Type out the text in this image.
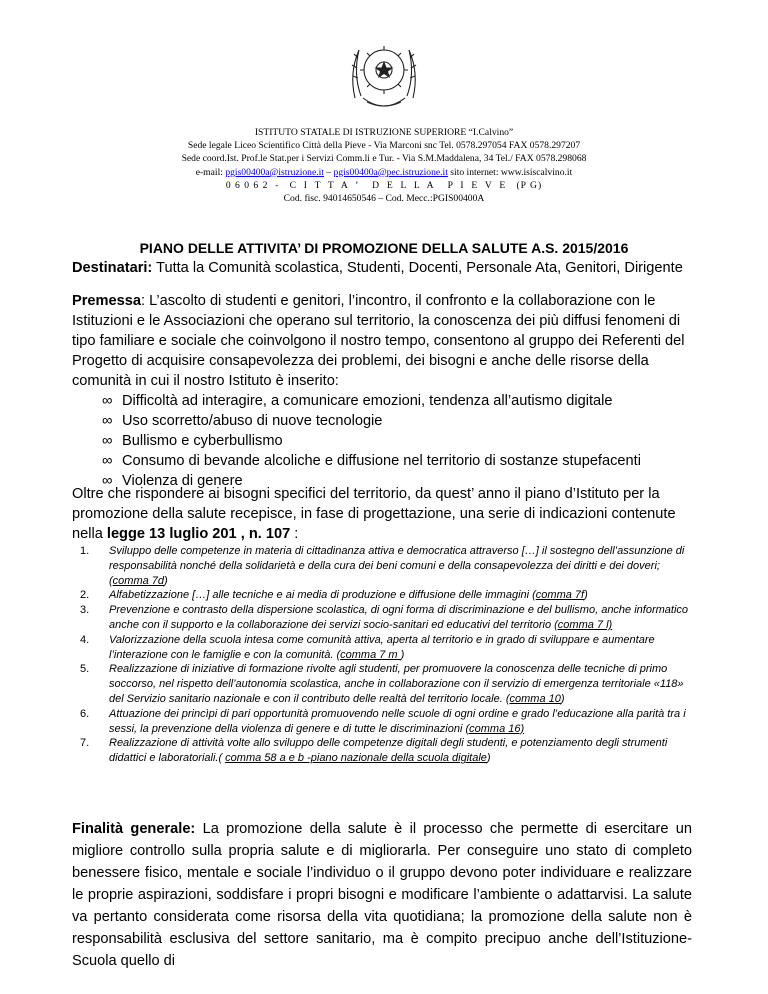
ISTITUTO STATALE DI ISTRUZIONE SUPERIORE “I.Calvino”
Sede legale Liceo Scientifico Città della Pieve - Via Marconi snc Tel. 0578.297054 FAX 0578.297207
Sede coord.Ist. Prof.le Stat.per i Servizi Comm.li e Tur. - Via S.M.Maddalena, 34 Tel./ FAX 0578.298068
e-mail: pgis00400a@istruzione.it – pgis00400a@pec.istruzione.it sito internet: www.isiscalvino.it
0 6 0 6 2  -   C  I  T  T  A  ’    D  E  L  L  A    P  I  E  V  E   (P G)
Cod. fisc. 94014650546 – Cod. Mecc.:PGIS00400A
PIANO DELLE ATTIVITA’ DI PROMOZIONE DELLA SALUTE A.S. 2015/2016
Destinatari: Tutta la Comunità scolastica, Studenti, Docenti, Personale Ata, Genitori, Dirigente
Premessa: L’ascolto di studenti e genitori, l’incontro, il confronto e la collaborazione con le Istituzioni e le Associazioni che operano sul territorio, la conoscenza dei più diffusi fenomeni di tipo familiare e sociale che coinvolgono il nostro tempo, consentono al gruppo dei Referenti del Progetto di acquisire consapevolezza dei problemi, dei bisogni e anche delle risorse della comunità in cui il nostro Istituto è inserito:
∞ Difficoltà ad interagire, a comunicare emozioni, tendenza all’autismo digitale
∞ Uso scorretto/abuso di nuove tecnologie
∞ Bullismo e cyberbullismo
∞ Consumo di bevande alcoliche e diffusione nel territorio di sostanze stupefacenti
∞ Violenza di genere
Oltre che rispondere ai bisogni specifici del territorio, da quest’ anno il piano d’Istituto per la promozione della salute recepisce, in fase di progettazione, una serie di indicazioni contenute nella legge 13 luglio 201 , n. 107 :
1. Sviluppo delle competenze in materia di cittadinanza attiva e democratica attraverso […] il sostegno dell’assunzione di responsabilità nonché della solidarietà e della cura dei beni comuni e della consapevolezza dei diritti e dei doveri;(comma 7d)
2. Alfabetizzazione […] alle tecniche e ai media di produzione e diffusione delle immagini (comma 7f)
3. Prevenzione e contrasto della dispersione scolastica, di ogni forma di discriminazione e del bullismo, anche informatico anche con il supporto e la collaborazione dei servizi socio-sanitari ed educativi del territorio (comma 7 l)
4. Valorizzazione della scuola intesa come comunità attiva, aperta al territorio e in grado di sviluppare e aumentare l’interazione con le famiglie e con la comunità. (comma 7 m )
5. Realizzazione di iniziative di formazione rivolte agli studenti, per promuovere la conoscenza delle tecniche di primo soccorso, nel rispetto dell’autonomia scolastica, anche in collaborazione con il servizio di emergenza territoriale «118» del Servizio sanitario nazionale e con il contributo delle realtà del territorio locale. (comma 10)
6. Attuazione dei princìpi di pari opportunità promuovendo nelle scuole di ogni ordine e grado l’educazione alla parità tra i sessi, la prevenzione della violenza di genere e di tutte le discriminazioni (comma 16)
7. Realizzazione di attività volte allo sviluppo delle competenze digitali degli studenti, e potenziamento degli strumenti didattici e laboratoriali.( comma 58 a e b -piano nazionale della scuola digitale)
Finalità generale: La promozione della salute è il processo che permette di esercitare un migliore controllo sulla propria salute e di migliorarla. Per conseguire uno stato di completo benessere fisico, mentale e sociale l’individuo o il gruppo devono poter individuare e realizzare le proprie aspirazioni, soddisfare i propri bisogni e modificare l’ambiente o adattarvisi. La salute va pertanto considerata come risorsa della vita quotidiana; la promozione della salute non è responsabilità esclusiva del settore sanitario, ma è compito precipuo anche dell’Istituzione- Scuola quello di
